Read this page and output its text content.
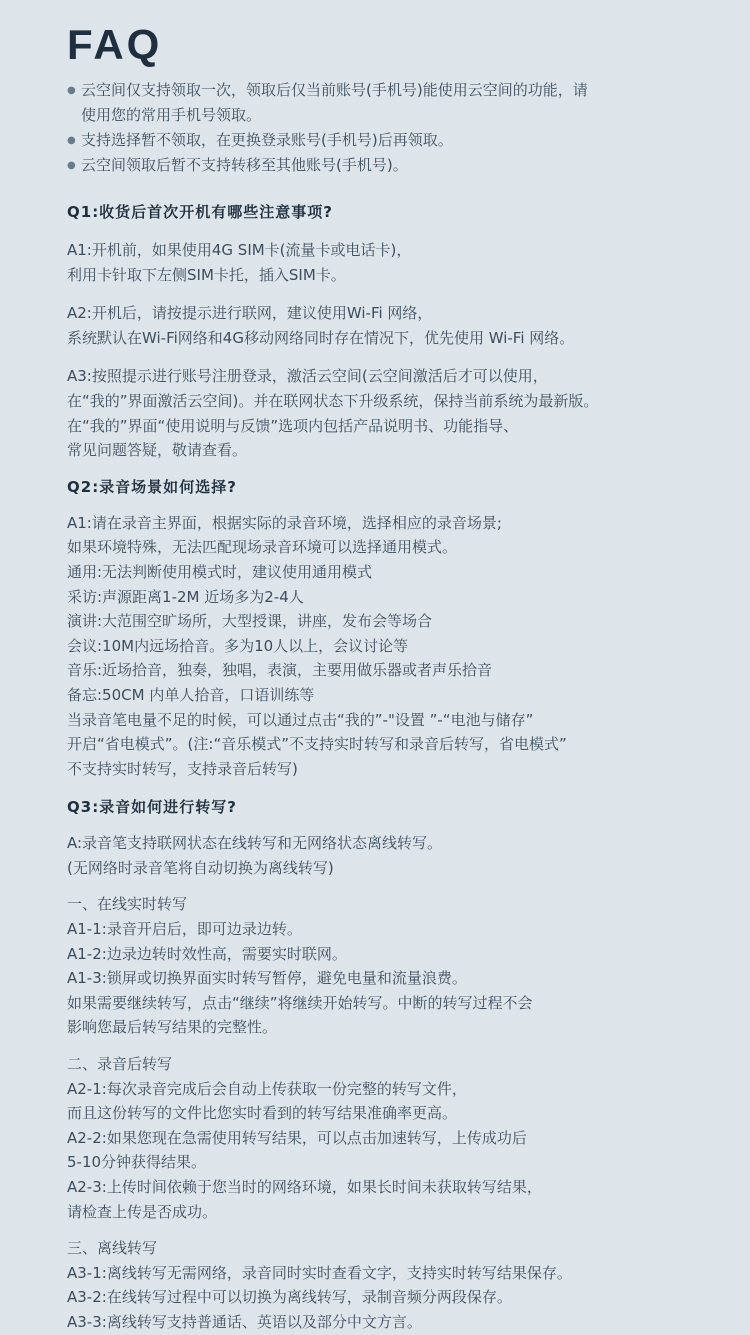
FAQ
● 云空间仅支持领取一次，领取后仅当前账号(手机号)能使用云空间的功能，请
使用您的常用手机号领取。
● 支持选择暂不领取，在更换登录账号(手机号)后再领取。
● 云空间领取后暂不支持转移至其他账号(手机号)。
Q1:收货后首次开机有哪些注意事项?

A1:开机前，如果使用4G SIM卡(流量卡或电话卡)，

利用卡针取下左侧SIM卡托，插入SIM卡。

A2:开机后，请按提示进行联网，建议使用Wi-Fi 网络，

系统默认在Wi-Fi网络和4G移动网络同时存在情况下，优先使用 Wi-Fi 网络。

A3:按照提示进行账号注册登录，激活云空间(云空间激活后才可以使用，

在“我的”界面激活云空间)。并在联网状态下升级系统，保持当前系统为最新版。

在“我的”界面“使用说明与反馈”选项内包括产品说明书、功能指导、

常见问题答疑，敬请查看。

Q2:录音场景如何选择?

A1:请在录音主界面，根据实际的录音环境，选择相应的录音场景;

如果环境特殊，无法匹配现场录音环境可以选择通用模式。

通用:无法判断使用模式时，建议使用通用模式

采访:声源距离1-2M 近场多为2-4人

演讲:大范围空旷场所，大型授课，讲座，发布会等场合

会议:10M内远场拾音。多为10人以上，会议讨论等

音乐:近场拾音，独奏，独唱，表演，主要用做乐器或者声乐拾音

备忘:50CM 内单人拾音，口语训练等

当录音笔电量不足的时候，可以通过点击“我的”-"设置 ”-“电池与储存”

开启“省电模式”。(注:“音乐模式”不支持实时转写和录音后转写，省电模式”

不支持实时转写，支持录音后转写)

Q3:录音如何进行转写?

A:录音笔支持联网状态在线转写和无网络状态离线转写。

(无网络时录音笔将自动切换为离线转写)

一、在线实时转写

A1-1:录音开启后，即可边录边转。

A1-2:边录边转时效性高，需要实时联网。

A1-3:锁屏或切换界面实时转写暂停，避免电量和流量浪费。

如果需要继续转写，点击“继续”将继续开始转写。中断的转写过程不会

影响您最后转写结果的完整性。

二、录音后转写

A2-1:每次录音完成后会自动上传获取一份完整的转写文件，

而且这份转写的文件比您实时看到的转写结果准确率更高。

A2-2:如果您现在急需使用转写结果，可以点击加速转写，上传成功后

5-10分钟获得结果。

A2-3:上传时间依赖于您当时的网络环境，如果长时间未获取转写结果，

请检查上传是否成功。

三、离线转写

A3-1:离线转写无需网络，录音同时实时查看文字，支持实时转写结果保存。

A3-2:在线转写过程中可以切换为离线转写，录制音频分两段保存。

A3-3:离线转写支持普通话、英语以及部分中文方言。
